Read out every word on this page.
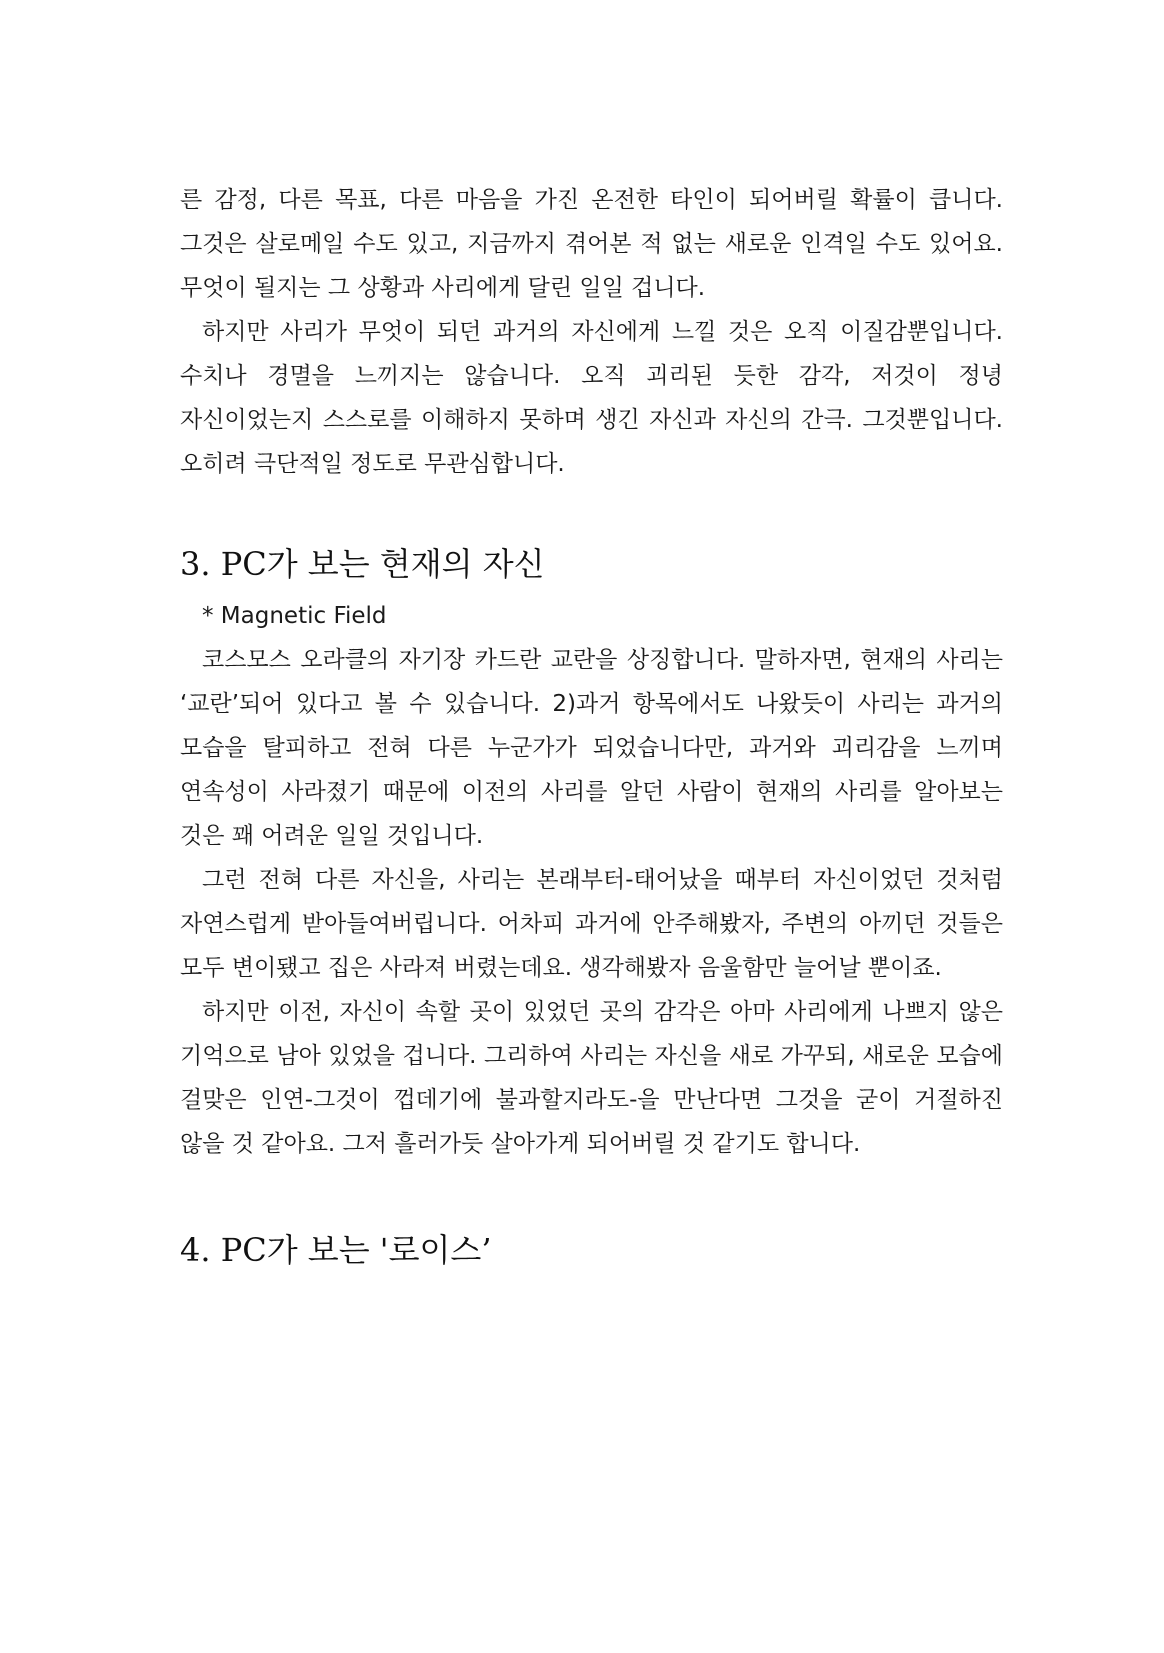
른 감정, 다른 목표, 다른 마음을 가진 온전한 타인이 되어버릴 확률이 큽니다. 그것은 살로메일 수도 있고, 지금까지 겪어본 적 없는 새로운 인격일 수도 있어요. 무엇이 될지는 그 상황과 사리에게 달린 일일 겁니다.

하지만 사리가 무엇이 되던 과거의 자신에게 느낄 것은 오직 이질감뿐입니다. 수치나 경멸을 느끼지는 않습니다. 오직 괴리된 듯한 감각, 저것이 정녕 자신이었는지 스스로를 이해하지 못하며 생긴 자신과 자신의 간극. 그것뿐입니다. 오히려 극단적일 정도로 무관심합니다.

3. PC가 보는 현재의 자신
* Magnetic Field

코스모스 오라클의 자기장 카드란 교란을 상징합니다. 말하자면, 현재의 사리는 ‘교란’되어 있다고 볼 수 있습니다. 2)과거 항목에서도 나왔듯이 사리는 과거의 모습을 탈피하고 전혀 다른 누군가가 되었습니다만, 과거와 괴리감을 느끼며 연속성이 사라졌기 때문에 이전의 사리를 알던 사람이 현재의 사리를 알아보는 것은 꽤 어려운 일일 것입니다.

그런 전혀 다른 자신을, 사리는 본래부터-태어났을 때부터 자신이었던 것처럼 자연스럽게 받아들여버립니다. 어차피 과거에 안주해봤자, 주변의 아끼던 것들은 모두 변이됐고 집은 사라져 버렸는데요. 생각해봤자 음울함만 늘어날 뿐이죠.

하지만 이전, 자신이 속할 곳이 있었던 곳의 감각은 아마 사리에게 나쁘지 않은 기억으로 남아 있었을 겁니다. 그리하여 사리는 자신을 새로 가꾸되, 새로운 모습에 걸맞은 인연-그것이 껍데기에 불과할지라도-을 만난다면 그것을 굳이 거절하진 않을 것 같아요. 그저 흘러가듯 살아가게 되어버릴 것 같기도 합니다.

4. PC가 보는 '로이스’
